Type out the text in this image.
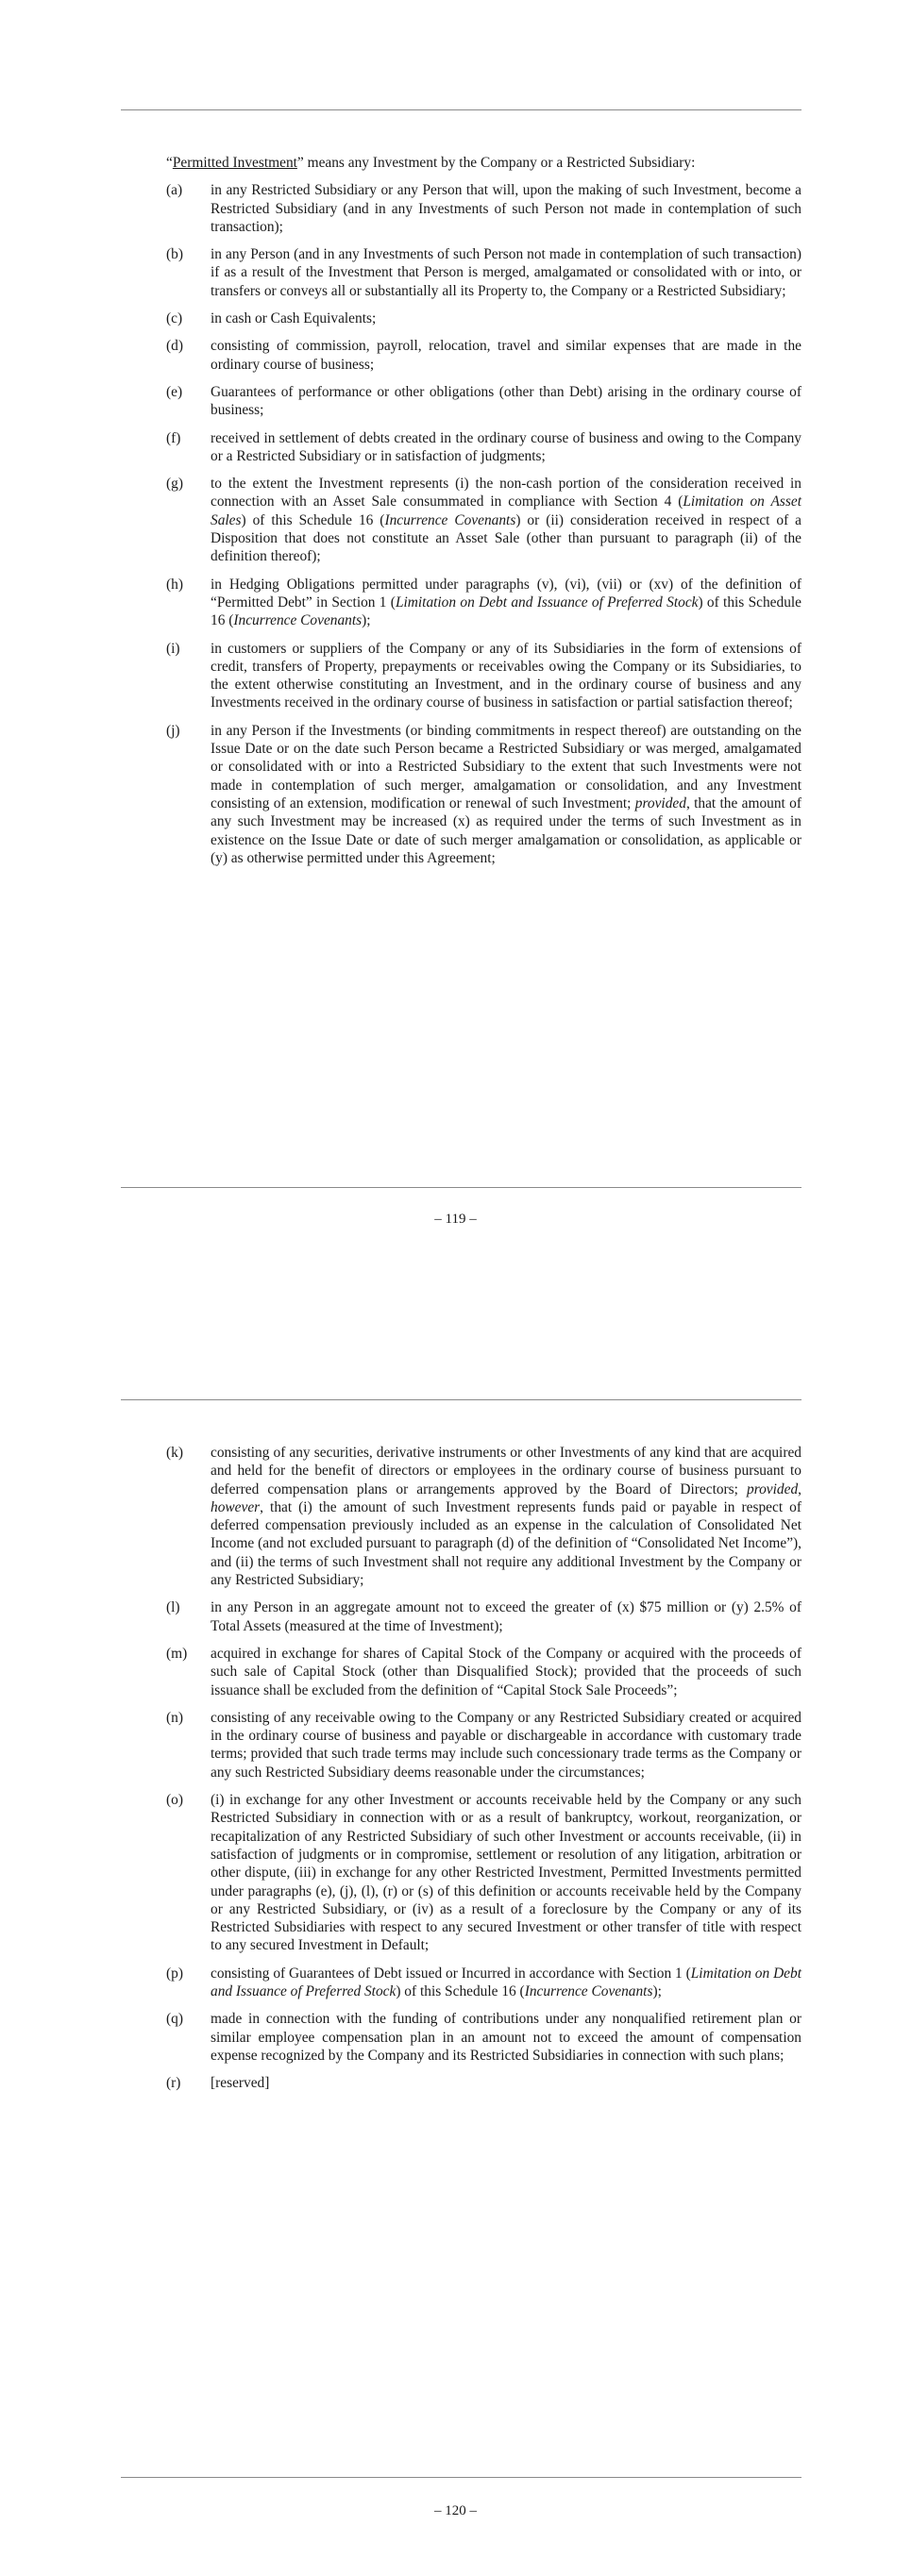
“Permitted Investment” means any Investment by the Company or a Restricted Subsidiary:

(a) in any Restricted Subsidiary or any Person that will, upon the making of such Investment, become a Restricted Subsidiary (and in any Investments of such Person not made in contemplation of such transaction);
(b) in any Person (and in any Investments of such Person not made in contemplation of such transaction) if as a result of the Investment that Person is merged, amalgamated or consolidated with or into, or transfers or conveys all or substantially all its Property to, the Company or a Restricted Subsidiary;
(c) in cash or Cash Equivalents;
(d) consisting of commission, payroll, relocation, travel and similar expenses that are made in the ordinary course of business;
(e) Guarantees of performance or other obligations (other than Debt) arising in the ordinary course of business;
(f) received in settlement of debts created in the ordinary course of business and owing to the Company or a Restricted Subsidiary or in satisfaction of judgments;
(g) to the extent the Investment represents (i) the non-cash portion of the consideration received in connection with an Asset Sale consummated in compliance with Section 4 (Limitation on Asset Sales) of this Schedule 16 (Incurrence Covenants) or (ii) consideration received in respect of a Disposition that does not constitute an Asset Sale (other than pursuant to paragraph (ii) of the definition thereof);
(h) in Hedging Obligations permitted under paragraphs (v), (vi), (vii) or (xv) of the definition of “Permitted Debt” in Section 1 (Limitation on Debt and Issuance of Preferred Stock) of this Schedule 16 (Incurrence Covenants);
(i) in customers or suppliers of the Company or any of its Subsidiaries in the form of extensions of credit, transfers of Property, prepayments or receivables owing the Company or its Subsidiaries, to the extent otherwise constituting an Investment, and in the ordinary course of business and any Investments received in the ordinary course of business in satisfaction or partial satisfaction thereof;
(j) in any Person if the Investments (or binding commitments in respect thereof) are outstanding on the Issue Date or on the date such Person became a Restricted Subsidiary or was merged, amalgamated or consolidated with or into a Restricted Subsidiary to the extent that such Investments were not made in contemplation of such merger, amalgamation or consolidation, and any Investment consisting of an extension, modification or renewal of such Investment; provided, that the amount of any such Investment may be increased (x) as required under the terms of such Investment as in existence on the Issue Date or date of such merger amalgamation or consolidation, as applicable or (y) as otherwise permitted under this Agreement;
– 119 –
(k) consisting of any securities, derivative instruments or other Investments of any kind that are acquired and held for the benefit of directors or employees in the ordinary course of business pursuant to deferred compensation plans or arrangements approved by the Board of Directors; provided, however, that (i) the amount of such Investment represents funds paid or payable in respect of deferred compensation previously included as an expense in the calculation of Consolidated Net Income (and not excluded pursuant to paragraph (d) of the definition of “Consolidated Net Income”), and (ii) the terms of such Investment shall not require any additional Investment by the Company or any Restricted Subsidiary;
(l) in any Person in an aggregate amount not to exceed the greater of (x) $75 million or (y) 2.5% of Total Assets (measured at the time of Investment);
(m) acquired in exchange for shares of Capital Stock of the Company or acquired with the proceeds of such sale of Capital Stock (other than Disqualified Stock); provided that the proceeds of such issuance shall be excluded from the definition of “Capital Stock Sale Proceeds”;
(n) consisting of any receivable owing to the Company or any Restricted Subsidiary created or acquired in the ordinary course of business and payable or dischargeable in accordance with customary trade terms; provided that such trade terms may include such concessionary trade terms as the Company or any such Restricted Subsidiary deems reasonable under the circumstances;
(o) (i) in exchange for any other Investment or accounts receivable held by the Company or any such Restricted Subsidiary in connection with or as a result of bankruptcy, workout, reorganization, or recapitalization of any Restricted Subsidiary of such other Investment or accounts receivable, (ii) in satisfaction of judgments or in compromise, settlement or resolution of any litigation, arbitration or other dispute, (iii) in exchange for any other Restricted Investment, Permitted Investments permitted under paragraphs (e), (j), (l), (r) or (s) of this definition or accounts receivable held by the Company or any Restricted Subsidiary, or (iv) as a result of a foreclosure by the Company or any of its Restricted Subsidiaries with respect to any secured Investment or other transfer of title with respect to any secured Investment in Default;
(p) consisting of Guarantees of Debt issued or Incurred in accordance with Section 1 (Limitation on Debt and Issuance of Preferred Stock) of this Schedule 16 (Incurrence Covenants);
(q) made in connection with the funding of contributions under any nonqualified retirement plan or similar employee compensation plan in an amount not to exceed the amount of compensation expense recognized by the Company and its Restricted Subsidiaries in connection with such plans;
(r) [reserved]
– 120 –
